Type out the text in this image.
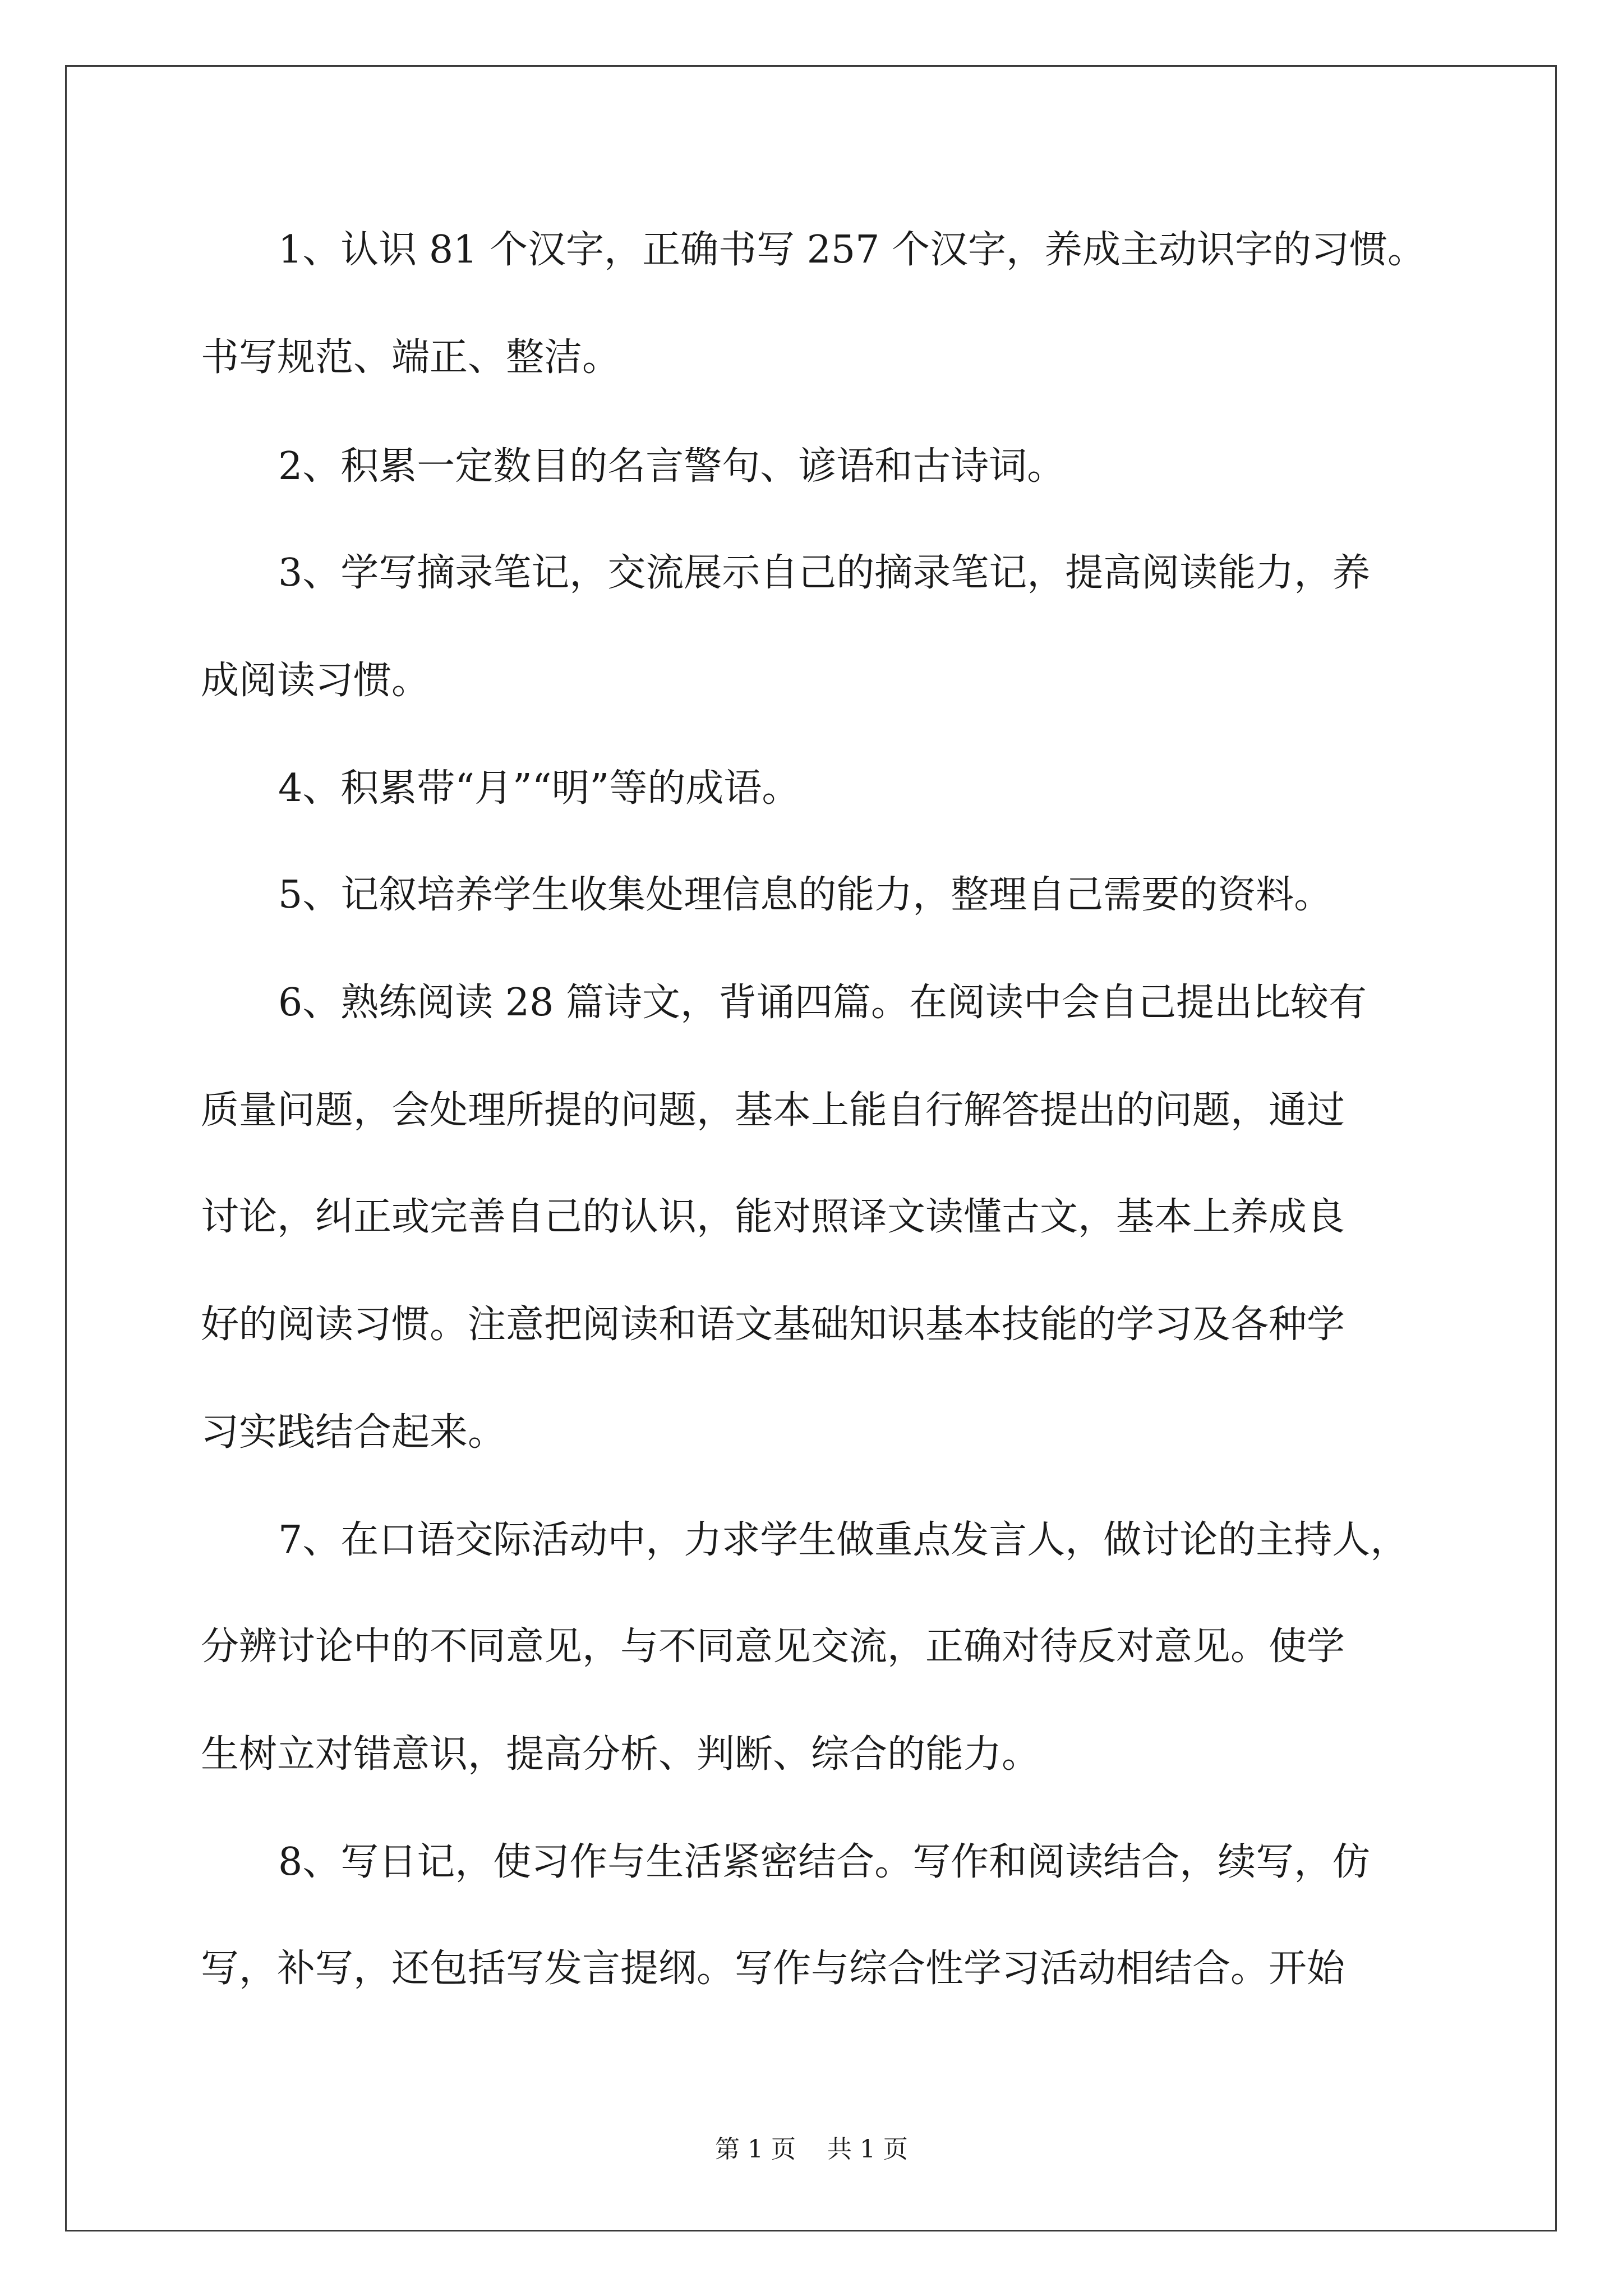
1、认识 81 个汉字，正确书写 257 个汉字，养成主动识字的习惯。

书写规范、端正、整洁。

2、积累一定数目的名言警句、谚语和古诗词。

3、学写摘录笔记，交流展示自己的摘录笔记，提高阅读能力，养

成阅读习惯。

4、积累带“月”“明”等的成语。

5、记叙培养学生收集处理信息的能力，整理自己需要的资料。

6、熟练阅读 28 篇诗文，背诵四篇。在阅读中会自己提出比较有

质量问题，会处理所提的问题，基本上能自行解答提出的问题，通过

讨论，纠正或完善自己的认识，能对照译文读懂古文，基本上养成良

好的阅读习惯。注意把阅读和语文基础知识基本技能的学习及各种学

习实践结合起来。

7、在口语交际活动中，力求学生做重点发言人，做讨论的主持人，

分辨讨论中的不同意见，与不同意见交流，正确对待反对意见。使学

生树立对错意识，提高分析、判断、综合的能力。

8、写日记，使习作与生活紧密结合。写作和阅读结合，续写，仿

写，补写，还包括写发言提纲。写作与综合性学习活动相结合。开始

第 1 页 共 1 页
